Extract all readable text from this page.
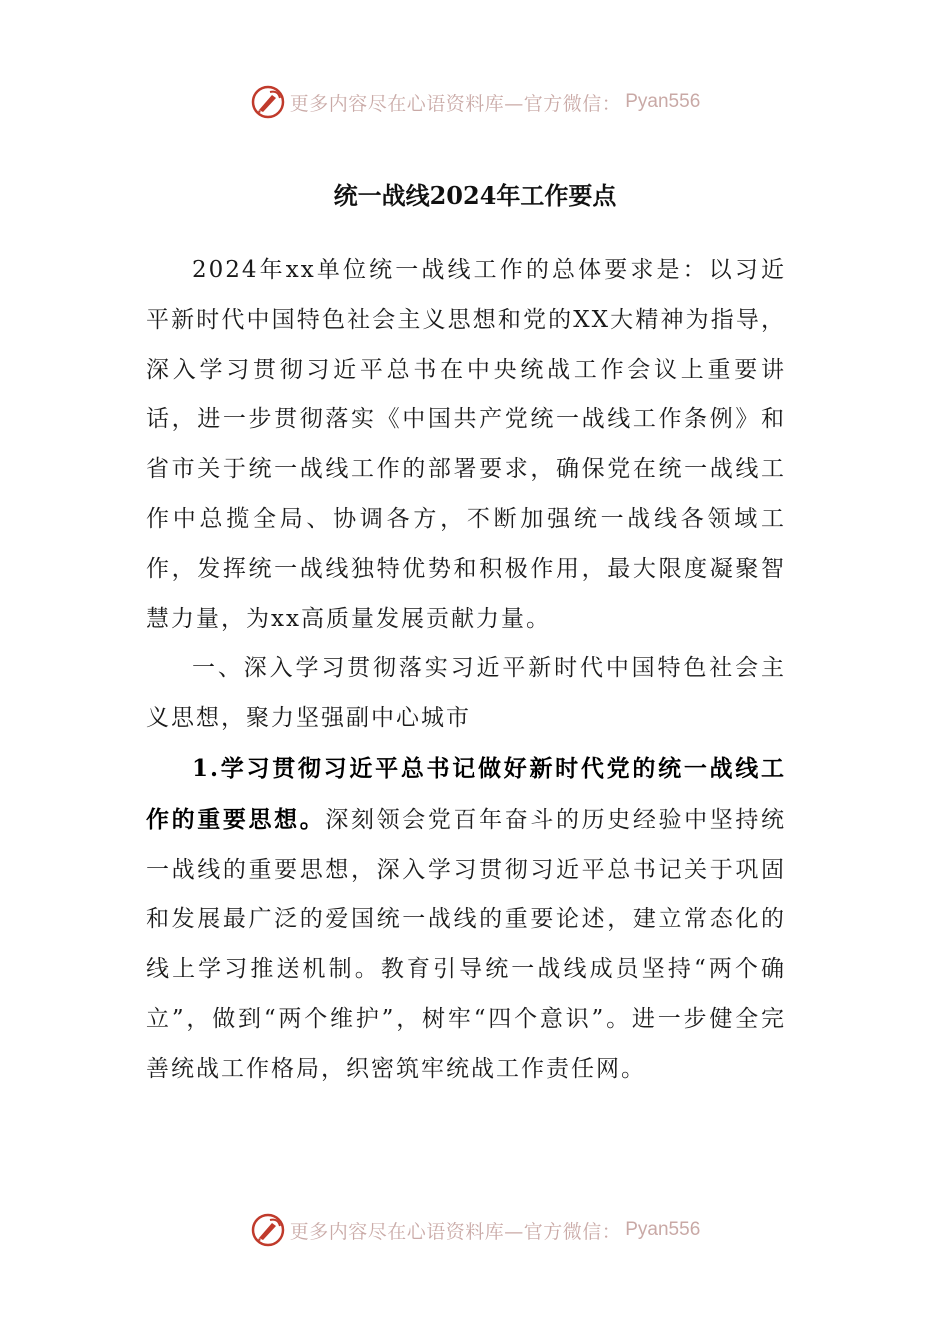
更多内容尽在心语资料库—官方微信： Pyan556
统一战线2024年工作要点

2024年xx单位统一战线工作的总体要求是：以习近平新时代中国特色社会主义思想和党的XX大精神为指导，深入学习贯彻习近平总书在中央统战工作会议上重要讲话，进一步贯彻落实《中国共产党统一战线工作条例》和省市关于统一战线工作的部署要求，确保党在统一战线工作中总揽全局、协调各方，不断加强统一战线各领域工作，发挥统一战线独特优势和积极作用，最大限度凝聚智慧力量，为xx高质量发展贡献力量。

一、深入学习贯彻落实习近平新时代中国特色社会主义思想，聚力坚强副中心城市

1.学习贯彻习近平总书记做好新时代党的统一战线工作的重要思想。深刻领会党百年奋斗的历史经验中坚持统一战线的重要思想，深入学习贯彻习近平总书记关于巩固和发展最广泛的爱国统一战线的重要论述，建立常态化的线上学习推送机制。教育引导统一战线成员坚持“两个确立”，做到“两个维护”，树牢“四个意识”。进一步健全完善统战工作格局，织密筑牢统战工作责任网。

更多内容尽在心语资料库—官方微信： Pyan556
